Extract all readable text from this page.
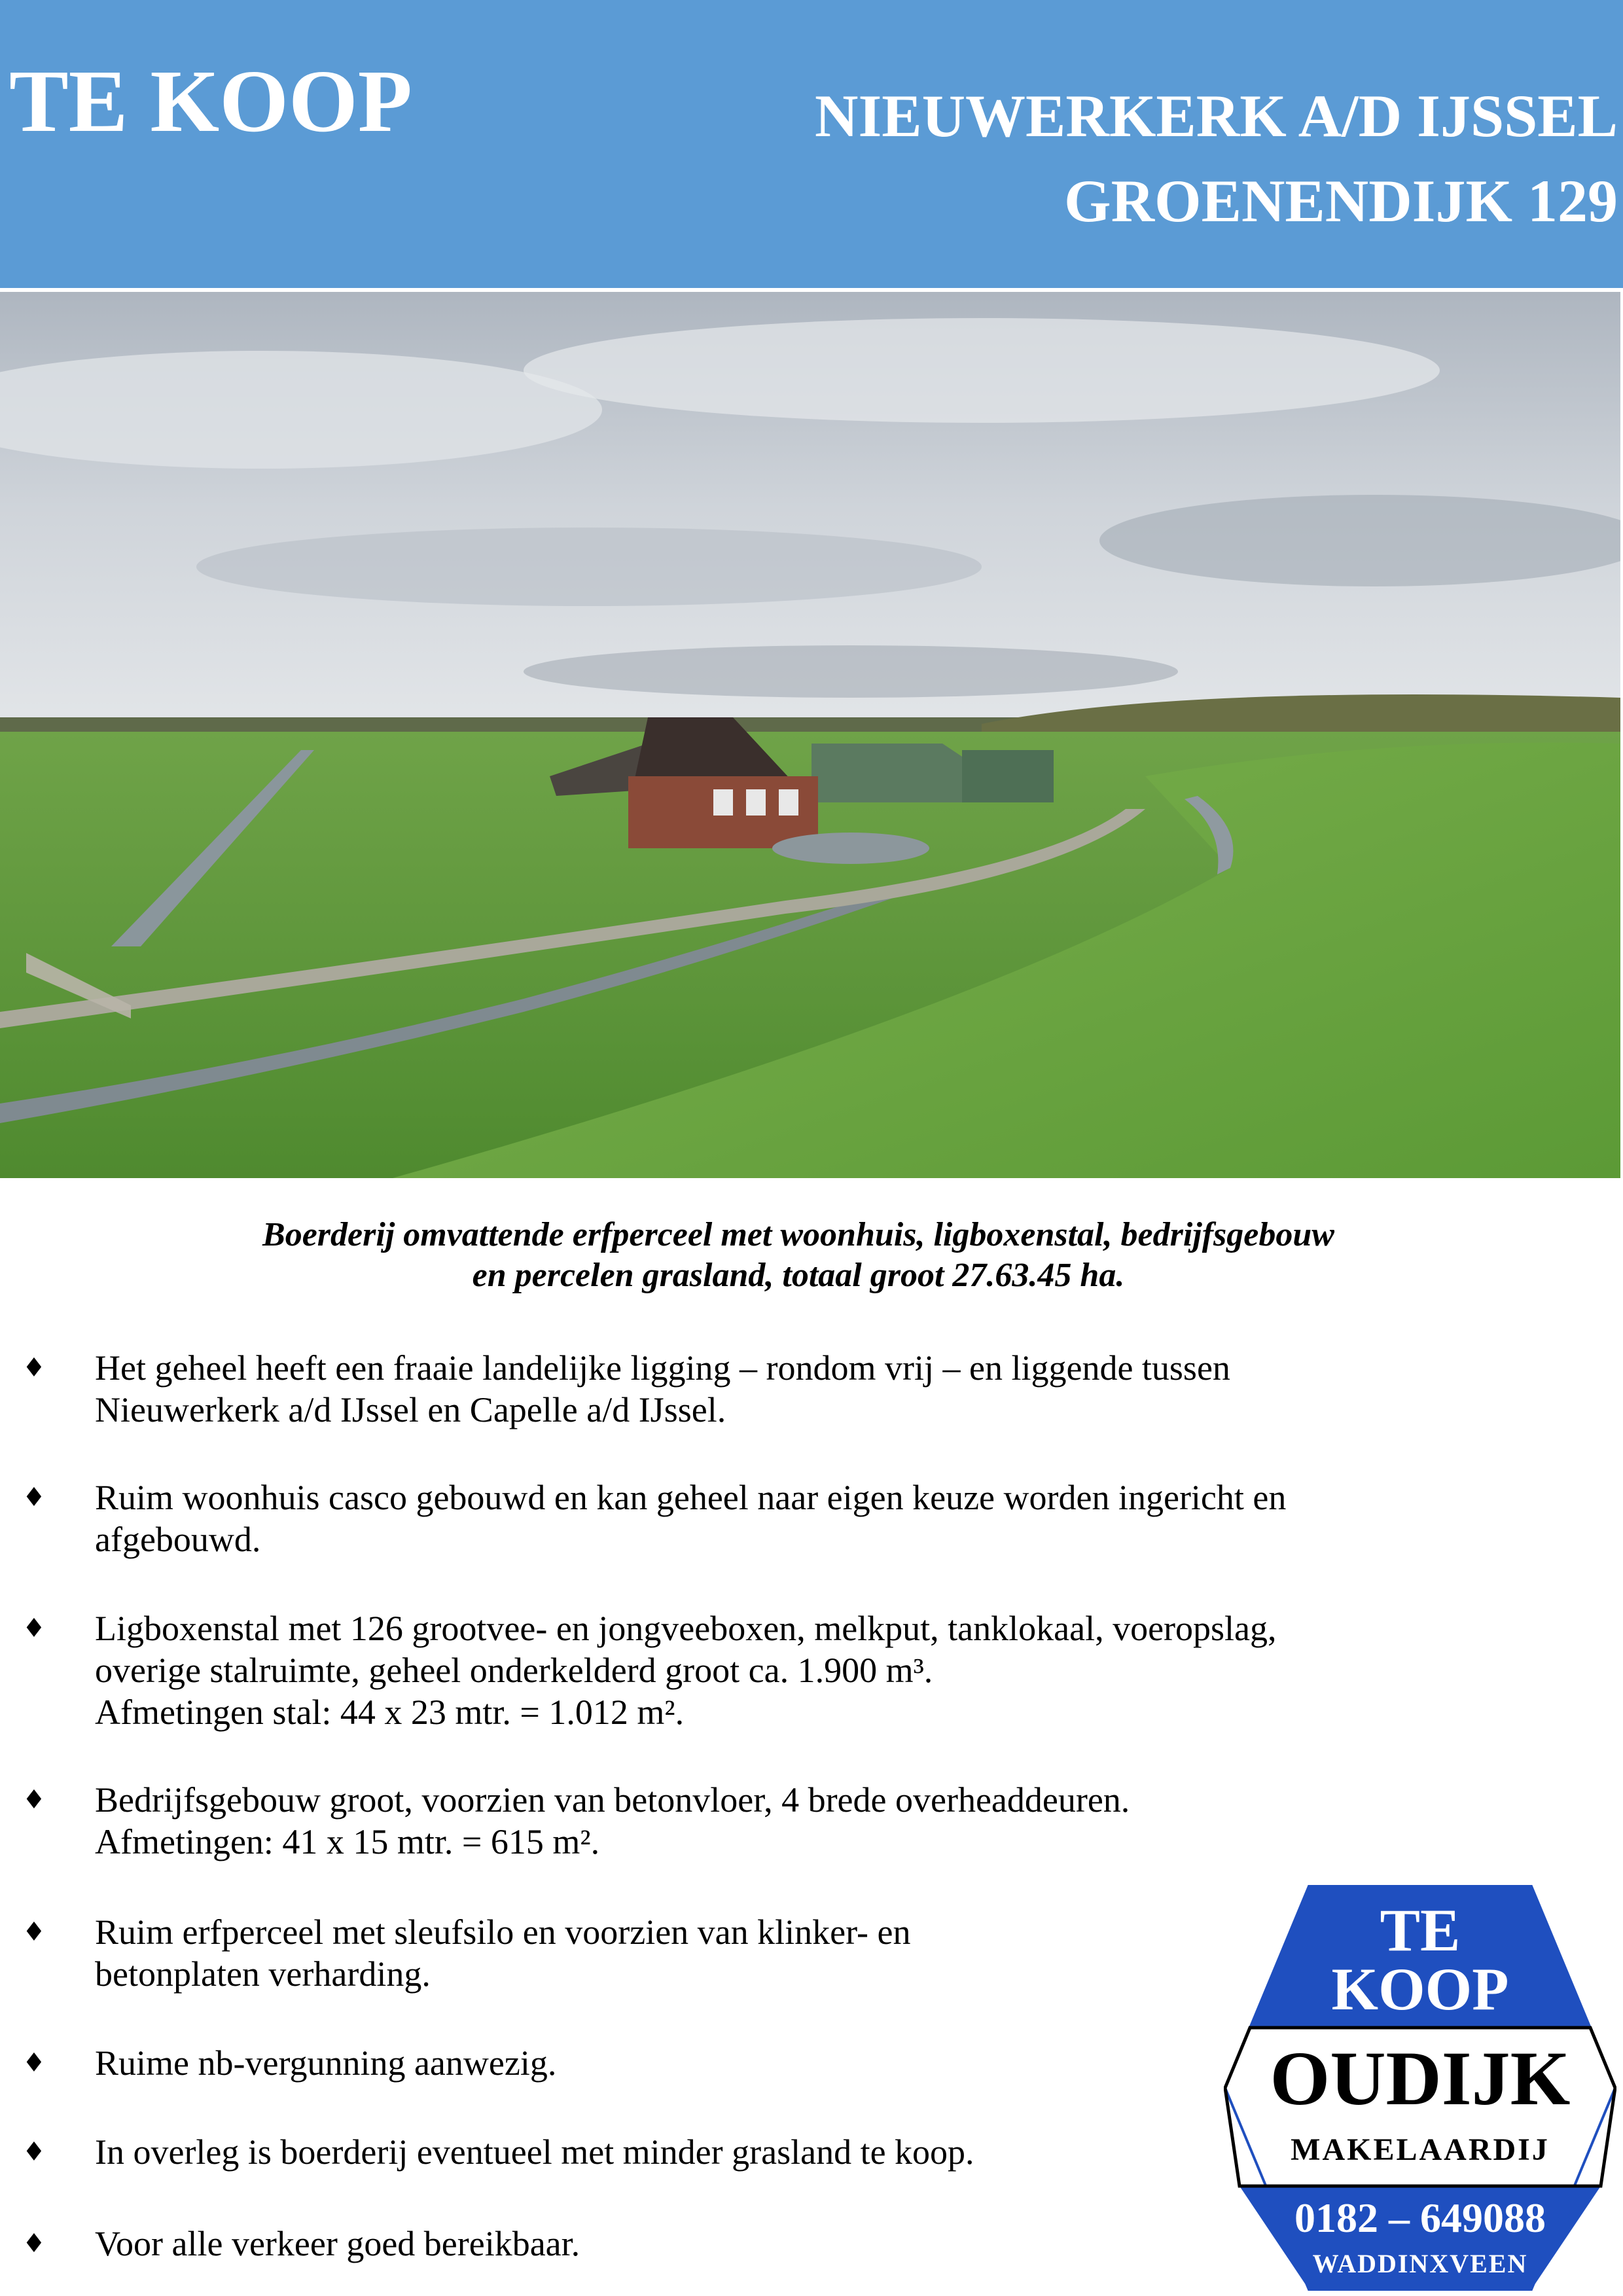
TE KOOP	NIEUWERKERK A/D IJSSEL
GROENENDIJK 129
Boerderij omvattende erfperceel met woonhuis, ligboxenstal, bedrijfsgebouw
en percelen grasland, totaal groot 27.63.45 ha.
♦ Het geheel heeft een fraaie landelijke ligging – rondom vrij – en liggende tussen
Nieuwerkerk a/d IJssel en Capelle a/d IJssel.
♦ Ruim woonhuis casco gebouwd en kan geheel naar eigen keuze worden ingericht en
afgebouwd.
♦ Ligboxenstal met 126 grootvee- en jongveeboxen, melkput, tanklokaal, voeropslag,
overige stalruimte, geheel onderkelderd groot ca. 1.900 m³.
Afmetingen stal: 44 x 23 mtr. = 1.012 m².
♦ Bedrijfsgebouw groot, voorzien van betonvloer, 4 brede overheaddeuren.
Afmetingen: 41 x 15 mtr. = 615 m².
♦ Ruim erfperceel met sleufsilo en voorzien van klinker- en
betonplaten verharding.
♦ Ruime nb-vergunning aanwezig.
♦ In overleg is boerderij eventueel met minder grasland te koop.
♦ Voor alle verkeer goed bereikbaar.
TE
KOOP
OUDIJK
MAKELAARDIJ
0182 – 649088
WADDINXVEEN
